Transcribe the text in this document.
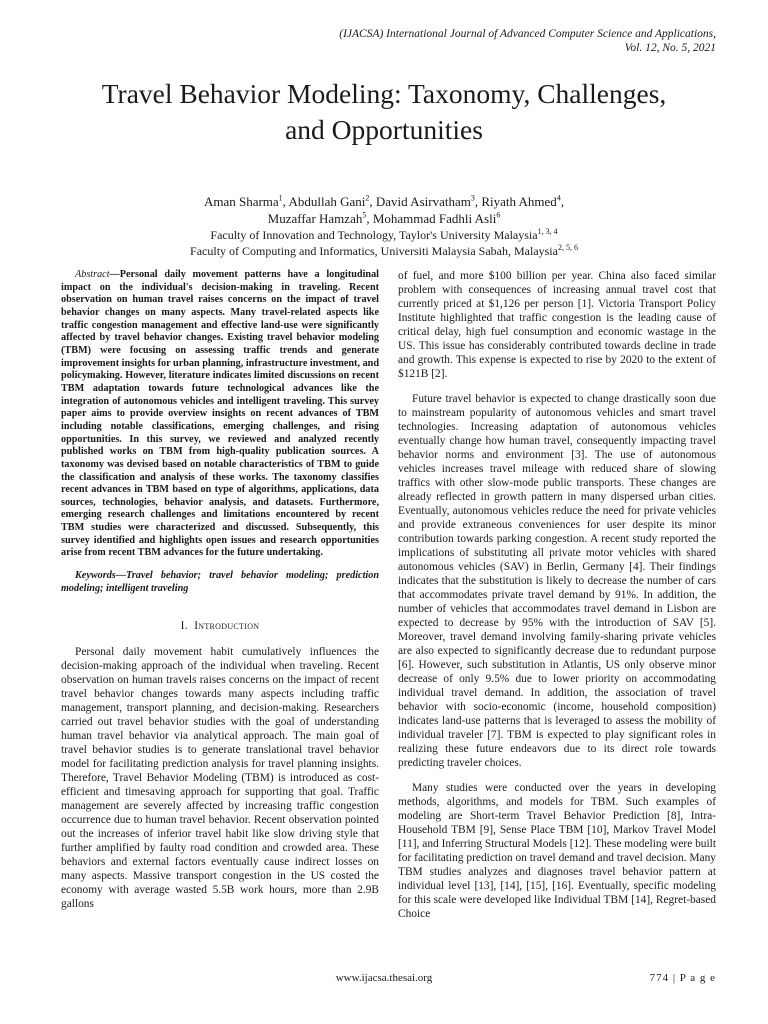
(IJACSA) International Journal of Advanced Computer Science and Applications,
Vol. 12, No. 5, 2021
Travel Behavior Modeling: Taxonomy, Challenges,
and Opportunities
Aman Sharma$^1$, Abdullah Gani$^2$, David Asirvatham$^3$, Riyath Ahmed$^4$,
Muzaffar Hamzah$^5$, Mohammad Fadhli Asli$^6$
Faculty of Innovation and Technology, Taylor's University Malaysia$^{1, 3, 4}$
Faculty of Computing and Informatics, Universiti Malaysia Sabah, Malaysia$^{2, 5, 6}$

Abstract—Personal daily movement patterns have a longitudinal impact on the individual's decision-making in traveling. Recent observation on human travel raises concerns on the impact of travel behavior changes on many aspects. Many travel-related aspects like traffic congestion management and effective land-use were significantly affected by travel behavior changes. Existing travel behavior modeling (TBM) were focusing on assessing traffic trends and generate improvement insights for urban planning, infrastructure investment, and policymaking. However, literature indicates limited discussions on recent TBM adaptation towards future technological advances like the integration of autonomous vehicles and intelligent traveling. This survey paper aims to provide overview insights on recent advances of TBM including notable classifications, emerging challenges, and rising opportunities. In this survey, we reviewed and analyzed recently published works on TBM from high-quality publication sources. A taxonomy was devised based on notable characteristics of TBM to guide the classification and analysis of these works. The taxonomy classifies recent advances in TBM based on type of algorithms, applications, data sources, technologies, behavior analysis, and datasets. Furthermore, emerging research challenges and limitations encountered by recent TBM studies were characterized and discussed. Subsequently, this survey identified and highlights open issues and research opportunities arise from recent TBM advances for the future undertaking.

Keywords—Travel behavior; travel behavior modeling; prediction modeling; intelligent traveling

I. Introduction

Personal daily movement habit cumulatively influences the decision-making approach of the individual when traveling. Recent observation on human travels raises concerns on the impact of recent travel behavior changes towards many aspects including traffic management, transport planning, and decision-making. Researchers carried out travel behavior studies with the goal of understanding human travel behavior via analytical approach. The main goal of travel behavior studies is to generate translational travel behavior model for facilitating prediction analysis for travel planning insights. Therefore, Travel Behavior Modeling (TBM) is introduced as cost-efficient and timesaving approach for supporting that goal. Traffic management are severely affected by increasing traffic congestion occurrence due to human travel behavior. Recent observation pointed out the increases of inferior travel habit like slow driving style that further amplified by faulty road condition and crowded area. These behaviors and external factors eventually cause indirect losses on many aspects. Massive transport congestion in the US costed the economy with average wasted 5.5B work hours, more than 2.9B gallons

of fuel, and more $100 billion per year. China also faced similar problem with consequences of increasing annual travel cost that currently priced at $1,126 per person [1]. Victoria Transport Policy Institute highlighted that traffic congestion is the leading cause of critical delay, high fuel consumption and economic wastage in the US. This issue has considerably contributed towards decline in trade and growth. This expense is expected to rise by 2020 to the extent of $121B [2].

Future travel behavior is expected to change drastically soon due to mainstream popularity of autonomous vehicles and smart travel technologies. Increasing adaptation of autonomous vehicles eventually change how human travel, consequently impacting travel behavior norms and environment [3]. The use of autonomous vehicles increases travel mileage with reduced share of slowing traffics with other slow-mode public transports. These changes are already reflected in growth pattern in many dispersed urban cities. Eventually, autonomous vehicles reduce the need for private vehicles and provide extraneous conveniences for user despite its minor contribution towards parking congestion. A recent study reported the implications of substituting all private motor vehicles with shared autonomous vehicles (SAV) in Berlin, Germany [4]. Their findings indicates that the substitution is likely to decrease the number of cars that accommodates private travel demand by 91%. In addition, the number of vehicles that accommodates travel demand in Lisbon are expected to decrease by 95% with the introduction of SAV [5]. Moreover, travel demand involving family-sharing private vehicles are also expected to significantly decrease due to redundant purpose [6]. However, such substitution in Atlantis, US only observe minor decrease of only 9.5% due to lower priority on accommodating individual travel demand. In addition, the association of travel behavior with socio-economic (income, household composition) indicates land-use patterns that is leveraged to assess the mobility of individual traveler [7]. TBM is expected to play significant roles in realizing these future endeavors due to its direct role towards predicting traveler choices.

Many studies were conducted over the years in developing methods, algorithms, and models for TBM. Such examples of modeling are Short-term Travel Behavior Prediction [8], Intra-Household TBM [9], Sense Place TBM [10], Markov Travel Model [11], and Inferring Structural Models [12]. These modeling were built for facilitating prediction on travel demand and travel decision. Many TBM studies analyzes and diagnoses travel behavior pattern at individual level [13], [14], [15], [16]. Eventually, specific modeling for this scale were developed like Individual TBM [14], Regret-based Choice

www.ijacsa.thesai.org	774 | P a g e
